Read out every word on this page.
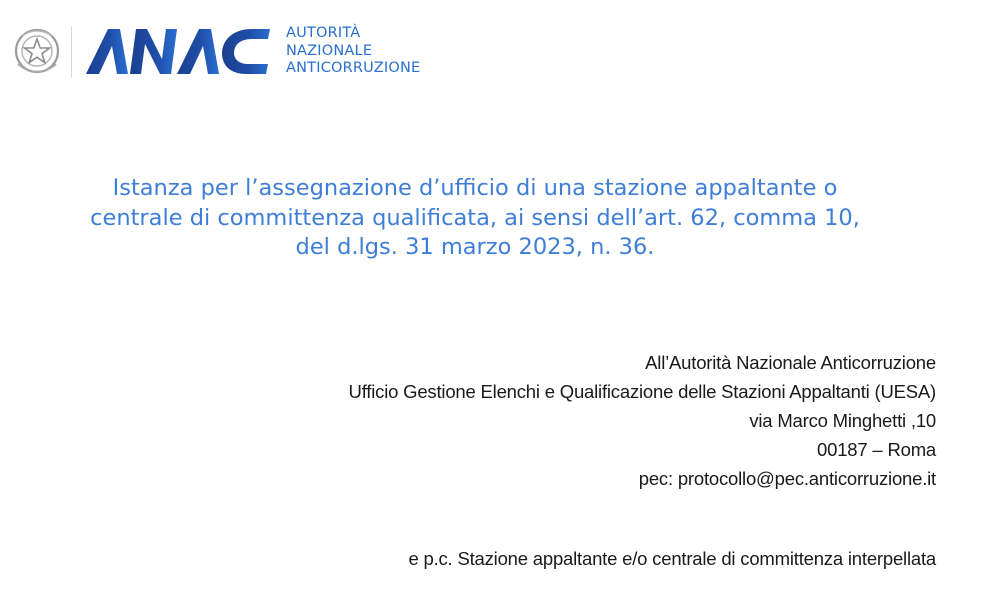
AUTORITÀ
NAZIONALE
ANTICORRUZIONE
Istanza per l’assegnazione d’ufficio di una stazione appaltante o
centrale di committenza qualificata, ai sensi dell’art. 62, comma 10,
del d.lgs. 31 marzo 2023, n. 36.
All’Autorità Nazionale Anticorruzione
Ufficio Gestione Elenchi e Qualificazione delle Stazioni Appaltanti (UESA)
via Marco Minghetti ,10
00187 – Roma
pec: protocollo@pec.anticorruzione.it
e p.c. Stazione appaltante e/o centrale di committenza interpellata
